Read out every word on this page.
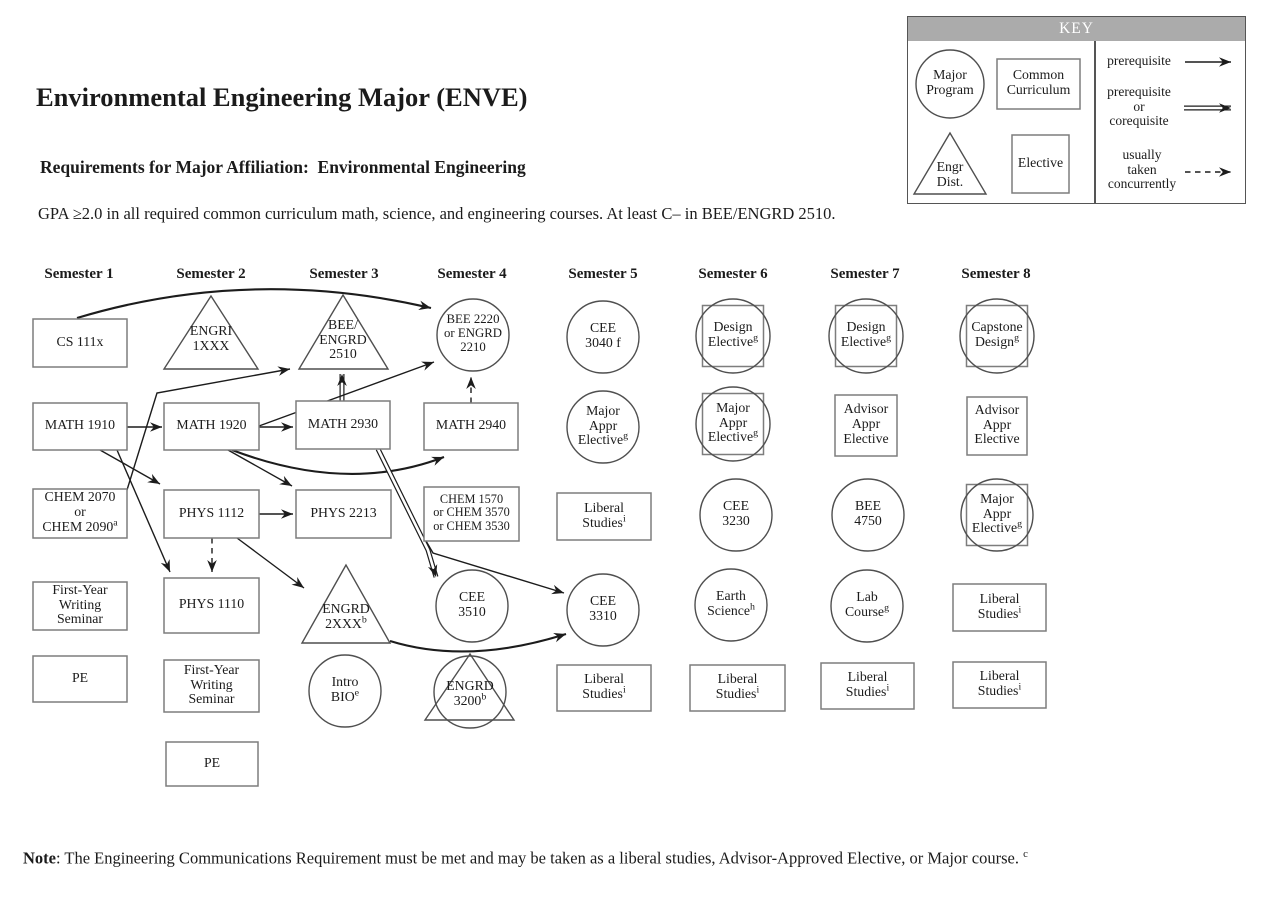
CS 111x
MATH 1910
CHEM 2070
or
CHEM 2090$^a$
First-Year
Writing
Seminar
PE
ENGRI
1XXX
MATH 1920
PHYS 1112
PHYS 1110
First-Year
Writing
Seminar
PE
BEE/
ENGRD
2510
MATH 2930
PHYS 2213
ENGRD
2XXX$^b$
Intro
BIO$^e$
BEE 2220
or ENGRD
2210
MATH 2940
CHEM 1570
or CHEM 3570
or CHEM 3530
CEE
3510
ENGRD
3200$^b$
CEE
3040 f
Major
Appr
Elective$^g$
Liberal
Studies$^i$
CEE
3310
Liberal
Studies$^i$
Design
Elective$^g$
Major
Appr
Elective$^g$
CEE
3230
Earth
Science$^h$
Liberal
Studies$^i$
Design
Elective$^g$
Advisor
Appr
Elective
BEE
4750
Lab
Course$^g$
Liberal
Studies$^i$
Capstone
Design$^g$
Advisor
Appr
Elective
Major
Appr
Elective$^g$
Liberal
Studies$^i$
Liberal
Studies$^i$
Semester 1	Semester 2	Semester 3	Semester 4	Semester 5	Semester 6	Semester 7	Semester 8
Major
Program
Common
Curriculum
Engr
Dist.
Elective
prerequisite
prerequisite
or
corequisite
usually
taken
concurrently
Environmental Engineering Major (ENVE)
Requirements for Major Affiliation:  Environmental Engineering
GPA ≥2.0 in all required common curriculum math, science, and engineering courses. At least C– in BEE/ENGRD 2510.
KEY
Note: The Engineering Communications Requirement must be met and may be taken as a liberal studies, Advisor-Approved Elective, or Major course. $^c$
